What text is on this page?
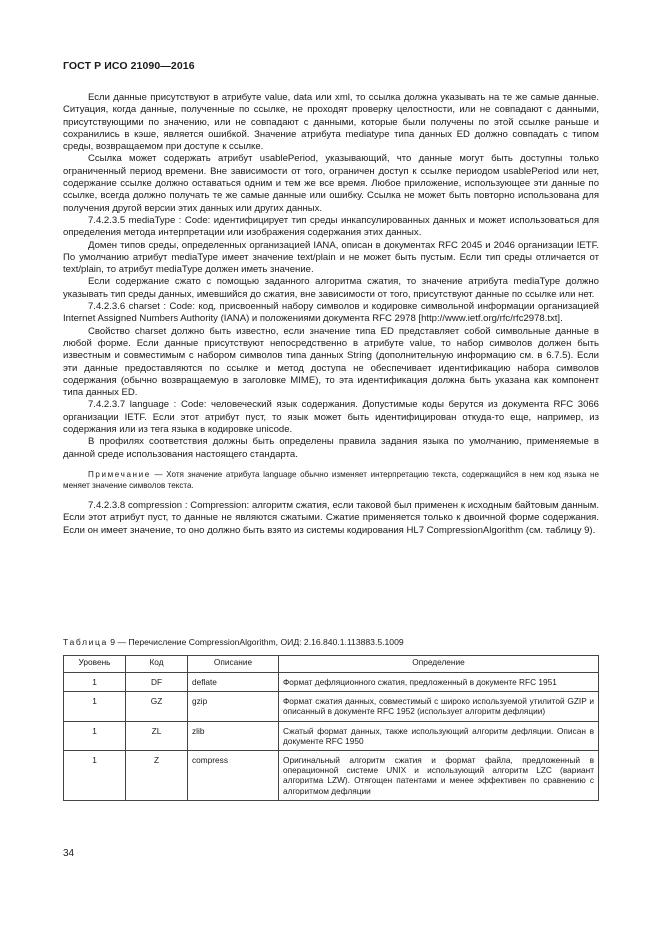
ГОСТ Р ИСО 21090—2016

Если данные присутствуют в атрибуте value, data или xml, то ссылка должна указывать на те же самые данные. Ситуация, когда данные, полученные по ссылке, не проходят проверку целостности, или не совпадают с данными, присутствующими по значению, или не совпадают с данными, которые были получены по этой ссылке раньше и сохранились в кэше, является ошибкой. Значение атрибута mediatype типа данных ED должно совпадать с типом среды, возвращаемом при доступе к ссылке.

Ссылка может содержать атрибут usablePeriod, указывающий, что данные могут быть доступны только ограниченный период времени. Вне зависимости от того, ограничен доступ к ссылке периодом usablePeriod или нет, содержание ссылке должно оставаться одним и тем же все время. Любое приложение, использующее эти данные по ссылке, всегда должно получать те же самые данные или ошибку. Ссылка не может быть повторно использована для получения другой версии этих данных или других данных.

7.4.2.3.5 mediaType : Code: идентифицирует тип среды инкапсулированных данных и может использоваться для определения метода интерпретации или изображения содержания этих данных.

Домен типов среды, определенных организацией IANA, описан в документах RFC 2045 и 2046 организации IETF. По умолчанию атрибут mediaType имеет значение text/plain и не может быть пустым. Если тип среды отличается от text/plain, то атрибут mediaType должен иметь значение.

Если содержание сжато с помощью заданного алгоритма сжатия, то значение атрибута mediaType должно указывать тип среды данных, имевшийся до сжатия, вне зависимости от того, присутствуют данные по ссылке или нет.

7.4.2.3.6 charset : Code: код, присвоенный набору символов и кодировке символьной информации организацией Internet Assigned Numbers Authority (IANA) и положениями документа RFC 2978 [http://www.ietf.org/rfc/rfc2978.txt].

Свойство charset должно быть известно, если значение типа ED представляет собой символьные данные в любой форме. Если данные присутствуют непосредственно в атрибуте value, то набор символов должен быть известным и совместимым с набором символов типа данных String (дополнительную информацию см. в 6.7.5). Если эти данные предоставляются по ссылке и метод доступа не обеспечивает идентификацию набора символов содержания (обычно возвращаемую в заголовке MIME), то эта идентификация должна быть указана как компонент типа данных ED.

7.4.2.3.7 language : Code: человеческий язык содержания. Допустимые коды берутся из документа RFC 3066 организации IETF. Если этот атрибут пуст, то язык может быть идентифицирован откуда-то еще, например, из содержания или из тега языка в кодировке unicode.

В профилях соответствия должны быть определены правила задания языка по умолчанию, применяемые в данной среде использования настоящего стандарта.

Примечание — Хотя значение атрибута language обычно изменяет интерпретацию текста, содержащийся в нем код языка не меняет значение символов текста.

7.4.2.3.8 compression : Compression: алгоритм сжатия, если таковой был применен к исходным байтовым данным. Если этот атрибут пуст, то данные не являются сжатыми. Сжатие применяется только к двоичной форме содержания. Если он имеет значение, то оно должно быть взято из системы кодирования HL7 CompressionAlgorithm (см. таблицу 9).

Таблица 9 — Перечисление CompressionAlgorithm, ОИД: 2.16.840.1.113883.5.1009
Уровень	Код	Описание	Определение
1	DF	deflate	Формат дефляционного сжатия, предложенный в документе RFC 1951
1	GZ	gzip	Формат сжатия данных, совместимый с широко используемой утилитой GZIP и описанный в документе RFC 1952 (использует алгоритм дефляции)
1	ZL	zlib	Сжатый формат данных, также использующий алгоритм дефляции. Описан в документе RFC 1950
1	Z	compress	Оригинальный алгоритм сжатия и формат файла, предложенный в операционной системе UNIX и использующий алгоритм LZC (вариант алгоритма LZW). Отягощен патентами и менее эффективен по сравнению с алгоритмом дефляции
34
